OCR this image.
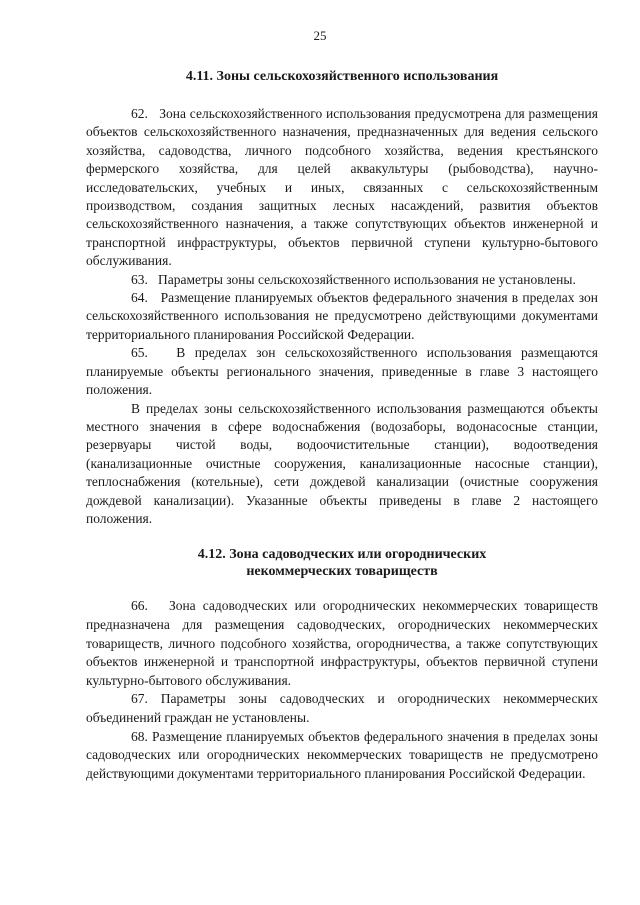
25
4.11. Зоны сельскохозяйственного использования

62.   Зона сельскохозяйственного использования предусмотрена для размещения объектов сельскохозяйственного назначения, предназначенных для ведения сельского хозяйства, садоводства, личного подсобного хозяйства, ведения крестьянского фермерского хозяйства, для целей аквакультуры (рыбоводства), научно-исследовательских, учебных и иных, связанных с сельскохозяйственным производством, создания защитных лесных насаждений, развития объектов сельскохозяйственного назначения, а также сопутствующих объектов инженерной и транспортной инфраструктуры, объектов первичной ступени культурно-бытового обслуживания.

63.   Параметры зоны сельскохозяйственного использования не установлены.

64.   Размещение планируемых объектов федерального значения в пределах зон сельскохозяйственного использования не предусмотрено действующими документами территориального планирования Российской Федерации.

65.   В пределах зон сельскохозяйственного использования размещаются планируемые объекты регионального значения, приведенные в главе 3 настоящего положения.

В пределах зоны сельскохозяйственного использования размещаются объекты местного значения в сфере водоснабжения (водозаборы, водонасосные станции, резервуары чистой воды, водоочистительные станции), водоотведения (канализационные очистные сооружения, канализационные насосные станции), теплоснабжения (котельные), сети дождевой канализации (очистные сооружения дождевой канализации). Указанные объекты приведены в главе 2 настоящего положения.

4.12. Зона садоводческих или огороднических
некоммерческих товариществ

66.   Зона садоводческих или огороднических некоммерческих товариществ предназначена для размещения садоводческих, огороднических некоммерческих товариществ, личного подсобного хозяйства, огородничества, а также сопутствующих объектов инженерной и транспортной инфраструктуры, объектов первичной ступени культурно-бытового обслуживания.

67. Параметры зоны садоводческих и огороднических некоммерческих объединений граждан не установлены.

68. Размещение планируемых объектов федерального значения в пределах зоны садоводческих или огороднических некоммерческих товариществ не предусмотрено действующими документами территориального планирования Российской Федерации.
